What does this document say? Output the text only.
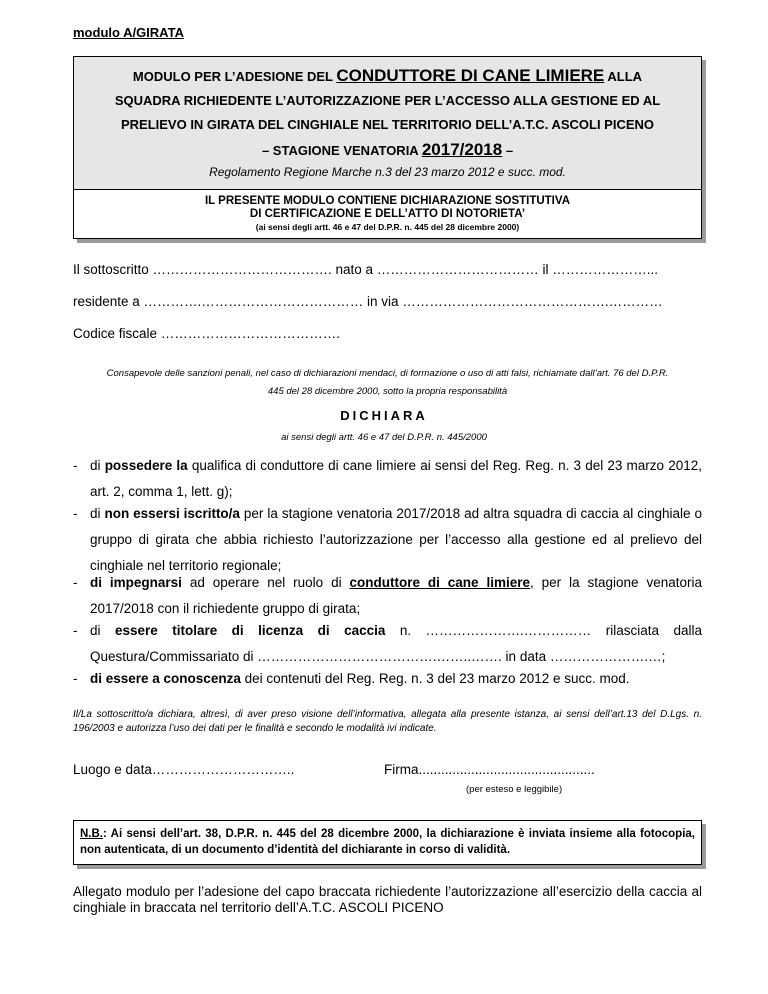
modulo A/GIRATA
MODULO PER L’ADESIONE DEL CONDUTTORE DI CANE LIMIERE ALLA
SQUADRA RICHIEDENTE L’AUTORIZZAZIONE PER L’ACCESSO ALLA GESTIONE ED AL
PRELIEVO IN GIRATA DEL CINGHIALE NEL TERRITORIO DELL’A.T.C. ASCOLI PICENO
– STAGIONE VENATORIA 2017/2018 –
Regolamento Regione Marche n.3 del 23 marzo 2012 e succ. mod.
IL PRESENTE MODULO CONTIENE DICHIARAZIONE SOSTITUTIVA
DI CERTIFICAZIONE E DELL’ATTO DI NOTORIETA’
(ai sensi degli artt. 46 e 47 del D.P.R. n. 445 del 28 dicembre 2000)
Il sottoscritto …………………………………. nato a ……………………………… il …………………...
residente a ………….……………………………… in via ……………………………………….…………
Codice fiscale ………………………………….
Consapevole delle sanzioni penali, nel caso di dichiarazioni mendaci, di formazione o uso di atti falsi, richiamate dall’art. 76 del D.P.R.
445 del 28 dicembre 2000, sotto la propria responsabilità
DICHIARA
ai sensi degli artt. 46 e 47 del D.P.R. n. 445/2000
- di possedere la qualifica di conduttore di cane limiere ai sensi del Reg. Reg. n. 3 del 23 marzo 2012, art. 2, comma 1, lett. g);
- di non essersi iscritto/a per la stagione venatoria 2017/2018 ad altra squadra di caccia al cinghiale o gruppo di girata che abbia richiesto l’autorizzazione per l’accesso alla gestione ed al prelievo del cinghiale nel territorio regionale;
- di impegnarsi ad operare nel ruolo di conduttore di cane limiere, per la stagione venatoria 2017/2018 con il richiedente gruppo di girata;
- di essere titolare di licenza di caccia n. ………………….…………… rilasciata dalla
Questura/Commissariato di ………………………………….……..……. in data ………………….…;
- di essere a conoscenza dei contenuti del Reg. Reg. n. 3 del 23 marzo 2012 e succ. mod.
Il/La sottoscritto/a dichiara, altresì, di aver preso visione dell’informativa, allegata alla presente istanza, ai sensi dell’art.13 del D.Lgs. n. 196/2003 e autorizza l’uso dei dati per le finalità e secondo le modalità ivi indicate.
Luogo e data…………………………..	Firma...............................................
(per esteso e leggibile)
N.B.: Ai sensi dell’art. 38, D.P.R. n. 445 del 28 dicembre 2000, la dichiarazione è inviata insieme alla fotocopia, non autenticata, di un documento d’identità del dichiarante in corso di validità.
Allegato modulo per l’adesione del capo braccata richiedente l’autorizzazione all’esercizio della caccia al cinghiale in braccata nel territorio dell’A.T.C. ASCOLI PICENO
